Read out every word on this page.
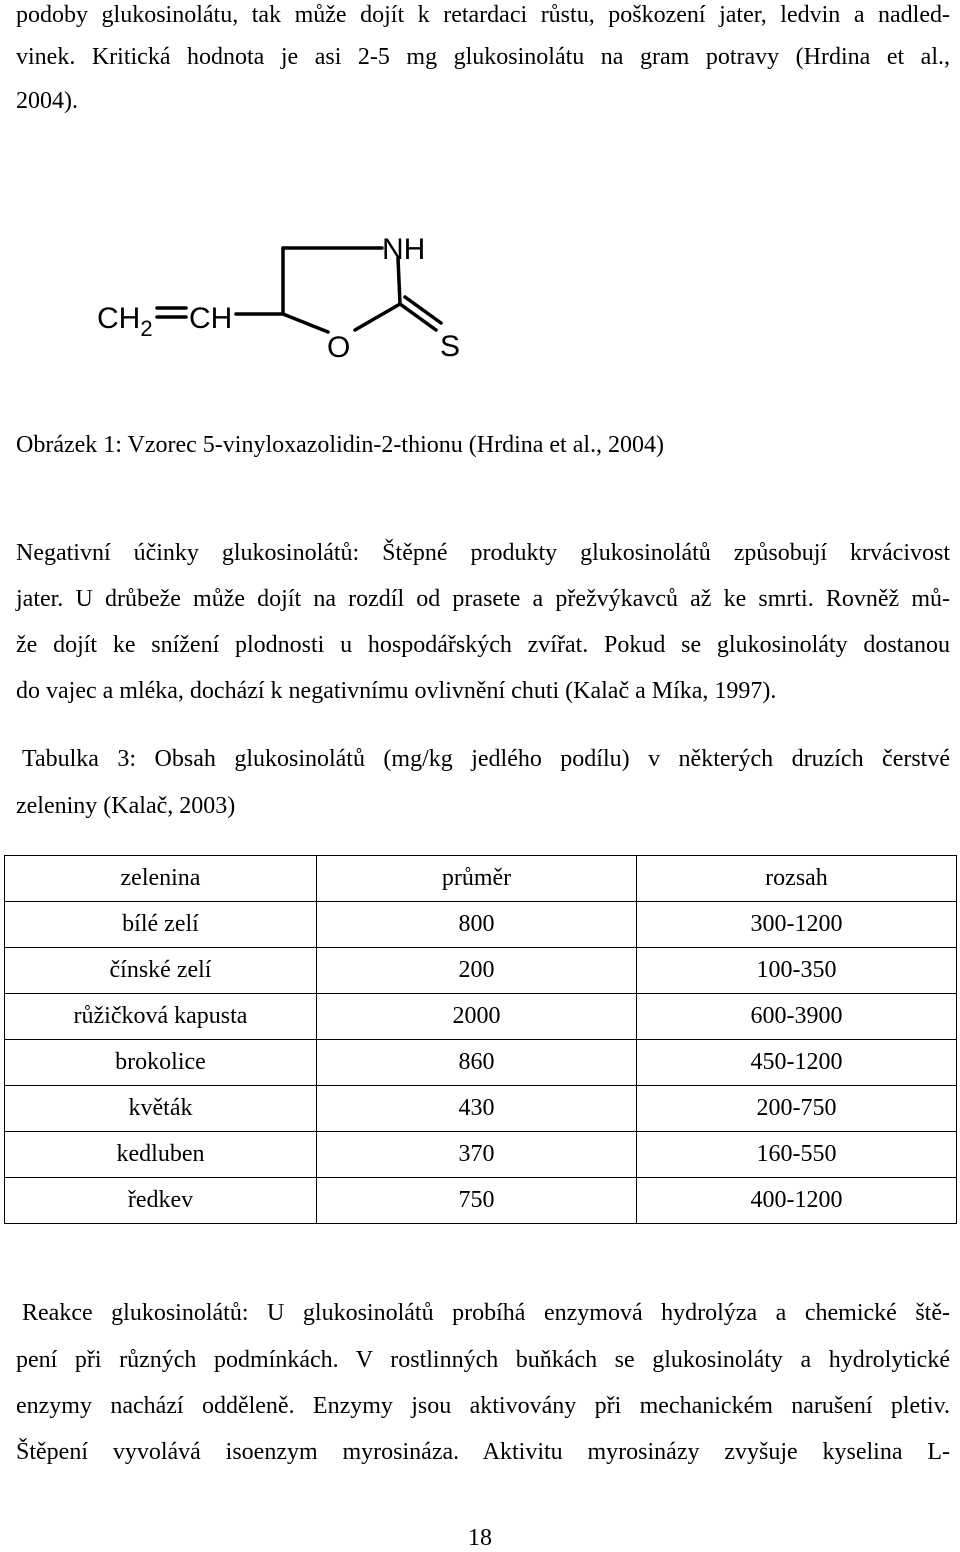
podoby glukosinolátu, tak může dojít k retardaci růstu, poškození jater, ledvin a nadled-
vinek. Kritická hodnota je asi 2-5 mg glukosinolátu na gram potravy (Hrdina et al.,
2004).
$CH_2$ CH
NH
O	S
Obrázek 1: Vzorec 5-vinyloxazolidin-2-thionu (Hrdina et al., 2004)
Negativní účinky glukosinolátů: Štěpné produkty glukosinolátů způsobují krvácivost
jater. U drůbeže může dojít na rozdíl od prasete a přežvýkavců až ke smrti. Rovněž mů-
že dojít ke snížení plodnosti u hospodářských zvířat. Pokud se glukosinoláty dostanou
do vajec a mléka, dochází k negativnímu ovlivnění chuti (Kalač a Míka, 1997).
Tabulka 3: Obsah glukosinolátů (mg/kg jedlého podílu) v některých druzích čerstvé
zeleniny (Kalač, 2003)
zelenina	průměr	rozsah
bílé zelí	800	300-1200
čínské zelí	200	100-350
růžičková kapusta	2000	600-3900
brokolice	860	450-1200
květák	430	200-750
kedluben	370	160-550
ředkev	750	400-1200
Reakce glukosinolátů: U glukosinolátů probíhá enzymová hydrolýza a chemické ště-
pení při různých podmínkách. V rostlinných buňkách se glukosinoláty a hydrolytické
enzymy nachází odděleně. Enzymy jsou aktivovány při mechanickém narušení pletiv.
Štěpení vyvolává isoenzym myrosináza. Aktivitu myrosinázy zvyšuje kyselina L-
18
